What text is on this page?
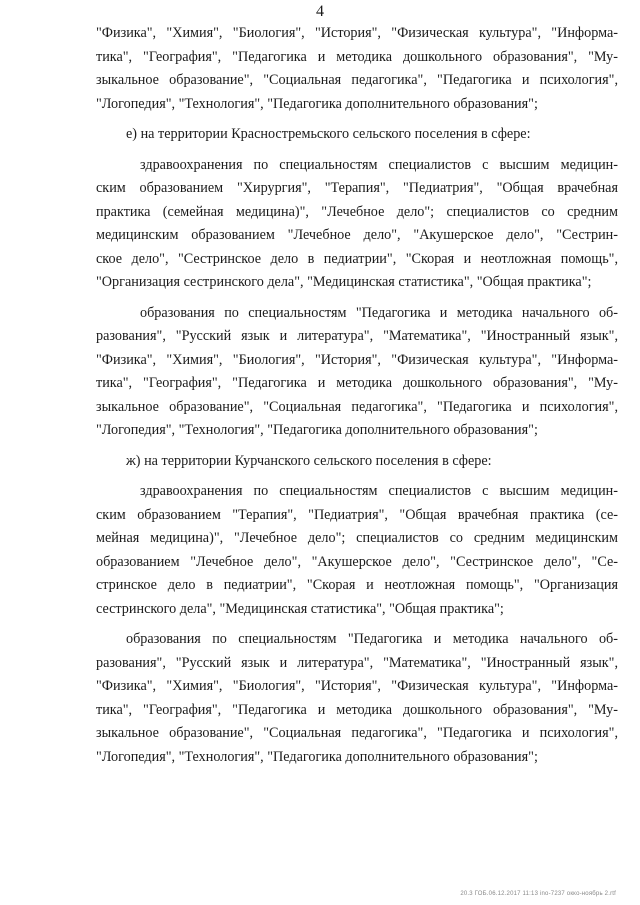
4
"Физика", "Химия", "Биология", "История", "Физическая культура", "Информа-
тика", "География", "Педагогика и методика дошкольного образования", "Му-
зыкальное образование", "Социальная педагогика", "Педагогика и психология",
"Логопедия", "Технология", "Педагогика дополнительного образования";
е) на территории Красностремьского сельского поселения в сфере:
здравоохранения по специальностям специалистов с высшим медицин-
ским образованием "Хирургия", "Терапия", "Педиатрия", "Общая врачебная
практика (семейная медицина)", "Лечебное дело"; специалистов со средним
медицинским образованием "Лечебное дело", "Акушерское дело", "Сестрин-
ское дело", "Сестринское дело в педиатрии", "Скорая и неотложная помощь",
"Организация сестринского дела", "Медицинская статистика", "Общая практика";
образования по специальностям "Педагогика и методика начального об-
разования", "Русский язык и литература", "Математика", "Иностранный язык",
"Физика", "Химия", "Биология", "История", "Физическая культура", "Информа-
тика", "География", "Педагогика и методика дошкольного образования", "Му-
зыкальное образование", "Социальная педагогика", "Педагогика и психология",
"Логопедия", "Технология", "Педагогика дополнительного образования";
ж) на территории Курчанского сельского поселения в сфере:
здравоохранения по специальностям специалистов с высшим медицин-
ским образованием "Терапия", "Педиатрия", "Общая врачебная практика (се-
мейная медицина)", "Лечебное дело"; специалистов со средним медицинским
образованием "Лечебное дело", "Акушерское дело", "Сестринское дело", "Се-
стринское дело в педиатрии", "Скорая и неотложная помощь", "Организация
сестринского дела", "Медицинская статистика", "Общая практика";
образования по специальностям "Педагогика и методика начального об-
разования", "Русский язык и литература", "Математика", "Иностранный язык",
"Физика", "Химия", "Биология", "История", "Физическая культура", "Информа-
тика", "География", "Педагогика и методика дошкольного образования", "Му-
зыкальное образование", "Социальная педагогика", "Педагогика и психология",
"Логопедия", "Технология", "Педагогика дополнительного образования";
20.3 ГОБ.06.12.2017 11:13 ino-7237 окко-ноябрь 2.rtf
